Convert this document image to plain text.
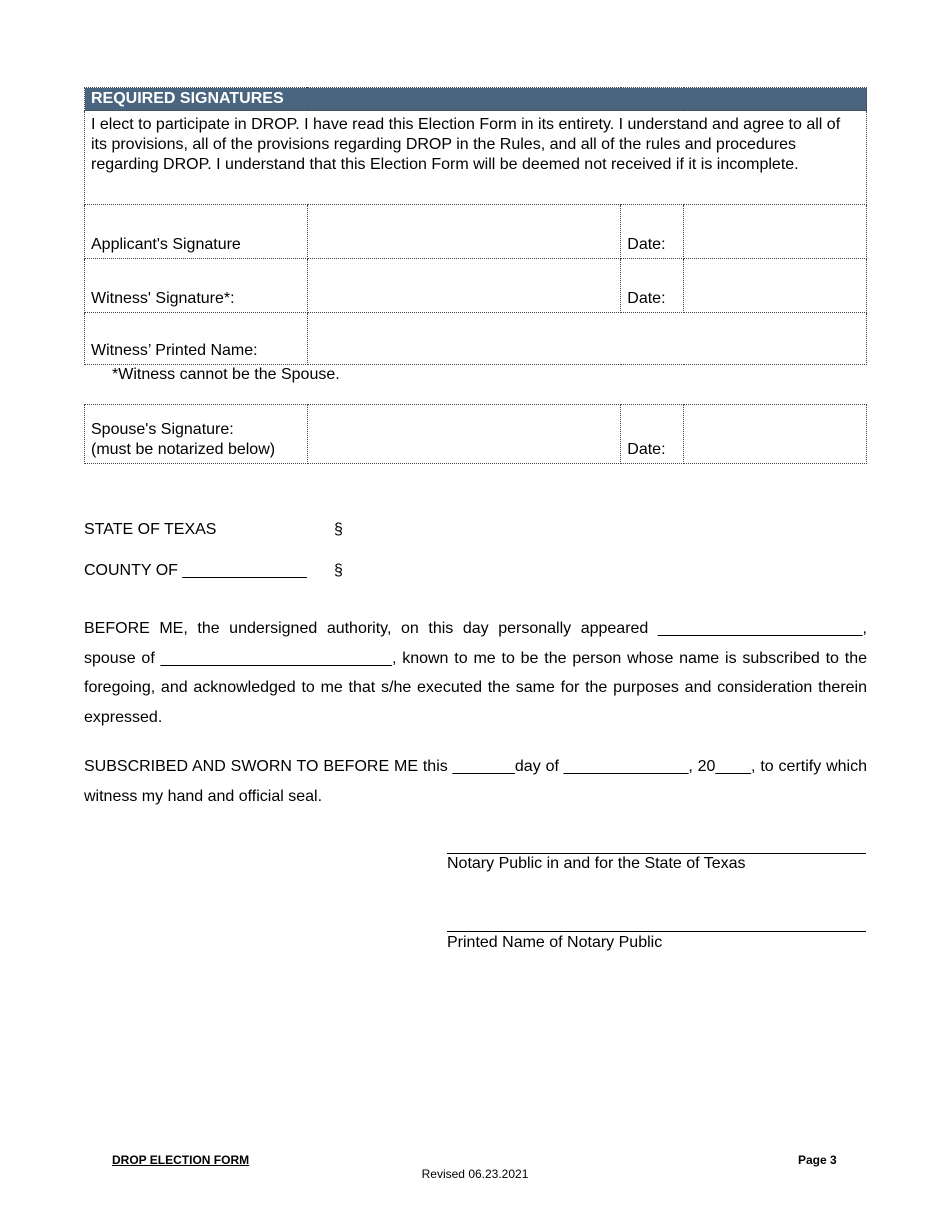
REQUIRED SIGNATURES			
I elect to participate in DROP. I have read this Election Form in its entirety. I understand and agree to all of its provisions, all of the provisions regarding DROP in the Rules, and all of the rules and procedures regarding DROP. I understand that this Election Form will be deemed not received if it is incomplete.			
Applicant's Signature		Date:	
Witness' Signature*:		Date:	
Witness’ Printed Name:			
*Witness cannot be the Spouse.
Spouse's Signature:
(must be notarized below)		Date:	
STATE OF TEXAS	§
COUNTY OF ______________ §
BEFORE ME, the undersigned authority, on this day personally appeared _______________________, spouse of __________________________, known to me to be the person whose name is subscribed to the foregoing, and acknowledged to me that s/he executed the same for the purposes and consideration therein expressed.
SUBSCRIBED AND SWORN TO BEFORE ME this _______day of ______________, 20____, to certify which witness my hand and official seal.
Notary Public in and for the State of Texas
Printed Name of Notary Public
DROP ELECTION FORM	Page 3
Revised 06.23.2021
